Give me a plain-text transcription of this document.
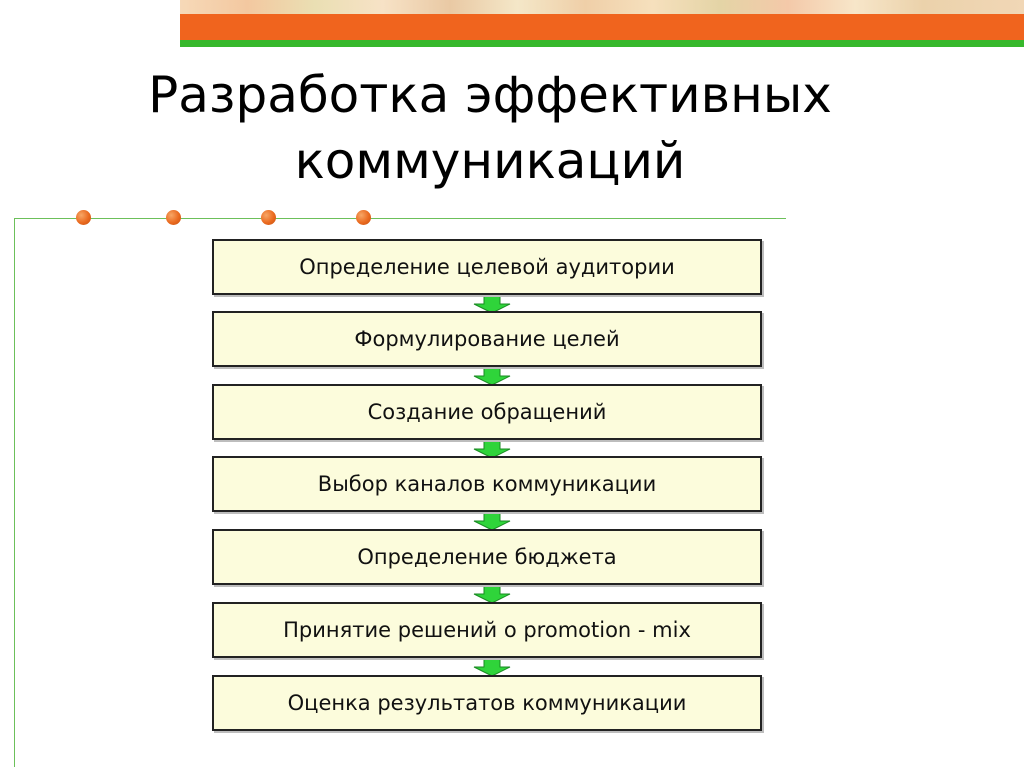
Разработка эффективных
коммуникаций
Определение целевой аудитории
Формулирование целей
Создание обращений
Выбор каналов коммуникации
Определение бюджета
Принятие решений о promotion - mix
Оценка результатов коммуникации
